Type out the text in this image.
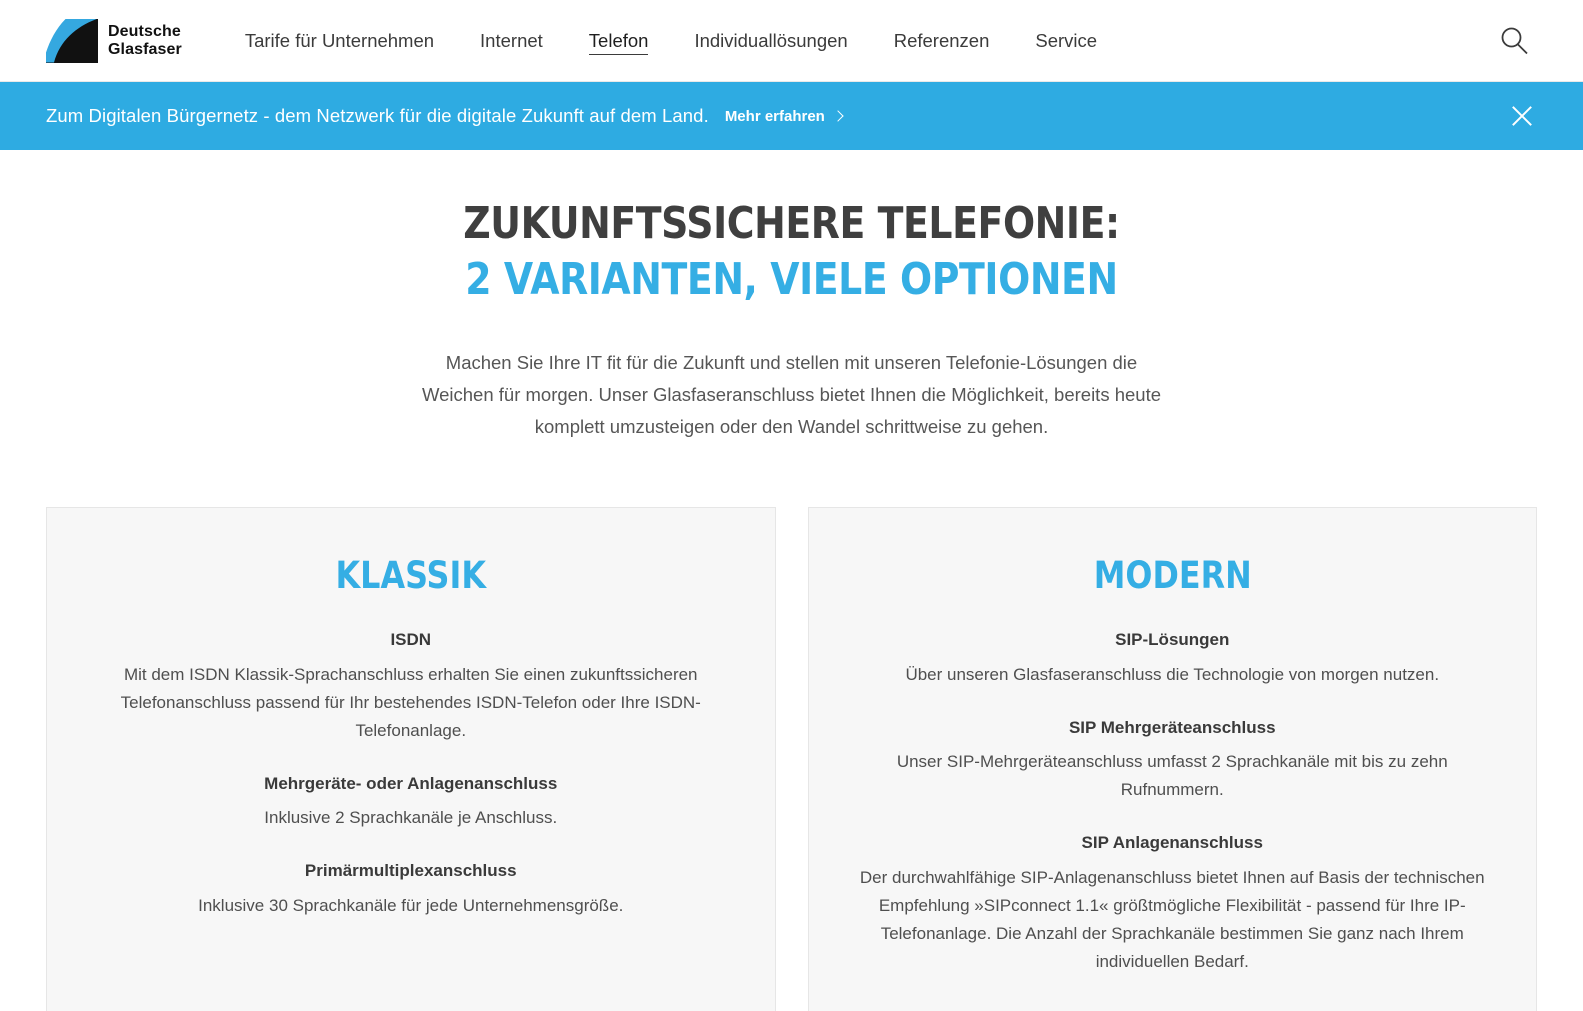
Deutsche
Glasfaser	Tarife für Unternehmen	Internet	Telefon	Individuallösungen	Referenzen	Service
Zum Digitalen Bürgernetz - dem Netzwerk für die digitale Zukunft auf dem Land. Mehr erfahren
ZUKUNFTSSICHERE TELEFONIE:
2 VARIANTEN, VIELE OPTIONEN

Machen Sie Ihre IT fit für die Zukunft und stellen mit unseren Telefonie-Lösungen die Weichen für morgen. Unser Glasfaseranschluss bietet Ihnen die Möglichkeit, bereits heute komplett umzusteigen oder den Wandel schrittweise zu gehen.

KLASSIK
ISDN
Mit dem ISDN Klassik-Sprachanschluss erhalten Sie einen zukunftssicheren Telefonanschluss passend für Ihr bestehendes ISDN-Telefon oder Ihre ISDN-Telefonanlage.
Mehrgeräte- oder Anlagenanschluss
Inklusive 2 Sprachkanäle je Anschluss.
Primärmultiplexanschluss
Inklusive 30 Sprachkanäle für jede Unternehmensgröße.
MODERN
SIP-Lösungen
Über unseren Glasfaseranschluss die Technologie von morgen nutzen.
SIP Mehrgeräteanschluss
Unser SIP-Mehrgeräteanschluss umfasst 2 Sprachkanäle mit bis zu zehn Rufnummern.
SIP Anlagenanschluss
Der durchwahlfähige SIP-Anlagenanschluss bietet Ihnen auf Basis der technischen Empfehlung »SIPconnect 1.1« größtmögliche Flexibilität - passend für Ihre IP-Telefonanlage. Die Anzahl der Sprachkanäle bestimmen Sie ganz nach Ihrem individuellen Bedarf.
